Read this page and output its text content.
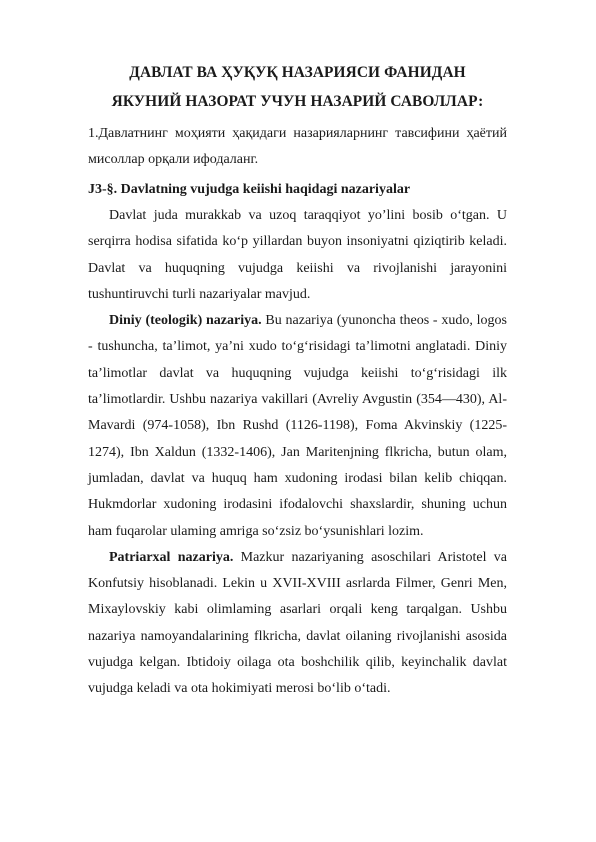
ДАВЛАТ ВА ҲУҚУҚ НАЗАРИЯСИ ФАНИДАН
ЯКУНИЙ НАЗОРАТ УЧУН НАЗАРИЙ САВОЛЛАР:

1.Давлатнинг моҳияти ҳақидаги назарияларнинг тавсифини ҳаётий мисоллар орқали ифодаланг.

J3-§. Davlatning vujudga keiishi haqidagi nazariyalar

Davlat juda murakkab va uzoq taraqqiyot yo’lini bosib o‘tgan. U serqirra hodisa sifatida ko‘p yillardan buyon insoniyatni qiziqtirib keladi. Davlat va huquqning vujudga keiishi va rivojlanishi jarayonini tushuntiruvchi turli nazariyalar mavjud.

Diniy (teologik) nazariya. Bu nazariya (yunoncha theos - xudo, logos - tushuncha, ta’limot, ya’ni xudo to‘g‘risidagi ta’limotni anglatadi. Diniy ta’limotlar davlat va huquqning vujudga keiishi to‘g‘risidagi ilk ta’limotlardir. Ushbu nazariya vakillari (Avreliy Avgustin (354—430), Al-Mavardi (974-1058), Ibn Rushd (1126-1198), Foma Akvinskiy (1225-1274), Ibn Xaldun (1332-1406), Jan Maritenjning flkricha, butun olam, jumladan, davlat va huquq ham xudoning irodasi bilan kelib chiqqan. Hukmdorlar xudoning irodasini ifodalovchi shaxslardir, shuning uchun ham fuqarolar ulaming amriga so‘zsiz bo‘ysunishlari lozim.

Patriarxal nazariya. Mazkur nazariyaning asoschilari Aristotel va Konfutsiy hisoblanadi. Lekin u XVII-XVIII asrlarda Filmer, Genri Men, Mixaylovskiy kabi olimlaming asarlari orqali keng tarqalgan. Ushbu nazariya namoyandalarining flkricha, davlat oilaning rivojlanishi asosida vujudga kelgan. Ibtidoiy oilaga ota boshchilik qilib, keyinchalik davlat vujudga keladi va ota hokimiyati merosi bo‘lib o‘tadi.
